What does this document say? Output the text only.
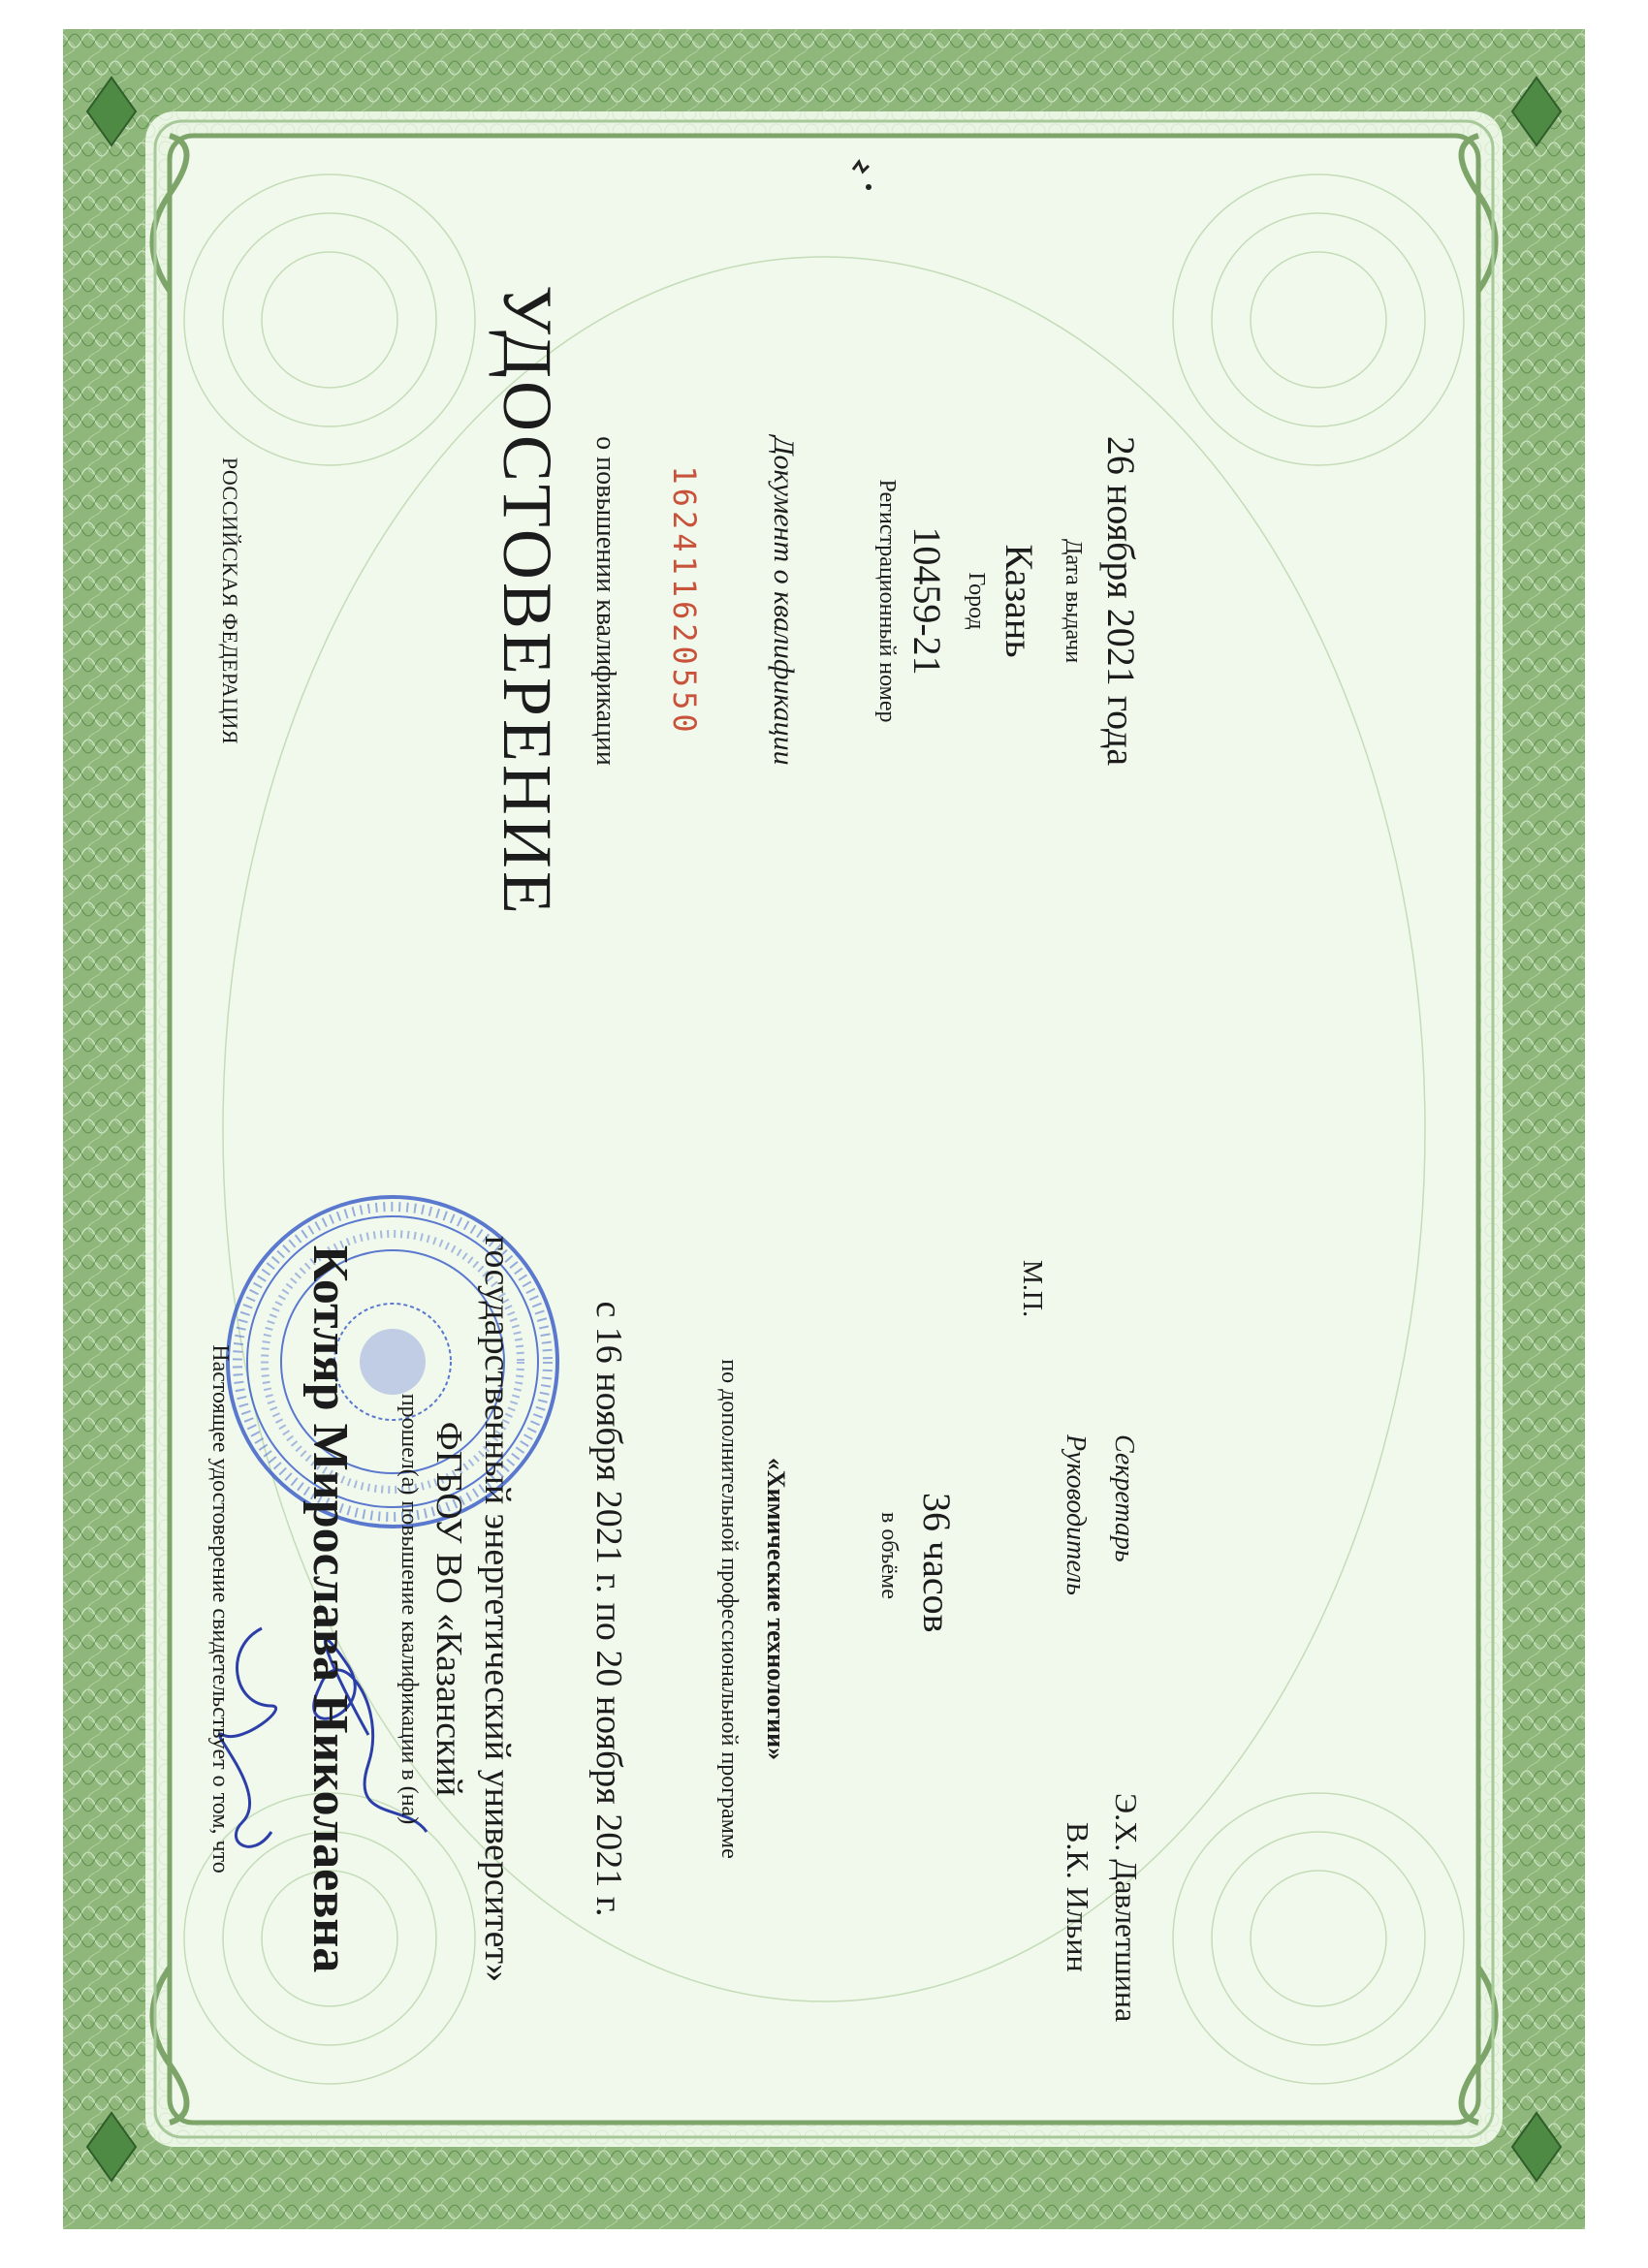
РОССИЙСКАЯ ФЕДЕРАЦИЯ	УДОСТОВЕРЕНИЕ о повышении квалификации 162411620550 Документ о квалификации	Регистрационный номер 10459-21 Город Казань Дата выдачи 26 ноября 2021 года
Настоящее удостоверение свидетельствует о том, что Котляр Мирослава Николаевна прошел(а) повышение квалификации в (на) ФГБОУ ВО «Казанский государственный энергетический университет» с 16 ноября 2021 г. по 20 ноября 2021 г.	по дополнительной профессиональной программе «Химические технологии»	в объёме 36 часов
М.П.
Руководитель
В.К. Ильин
Секретарь
Э.Х. Давлетшина
